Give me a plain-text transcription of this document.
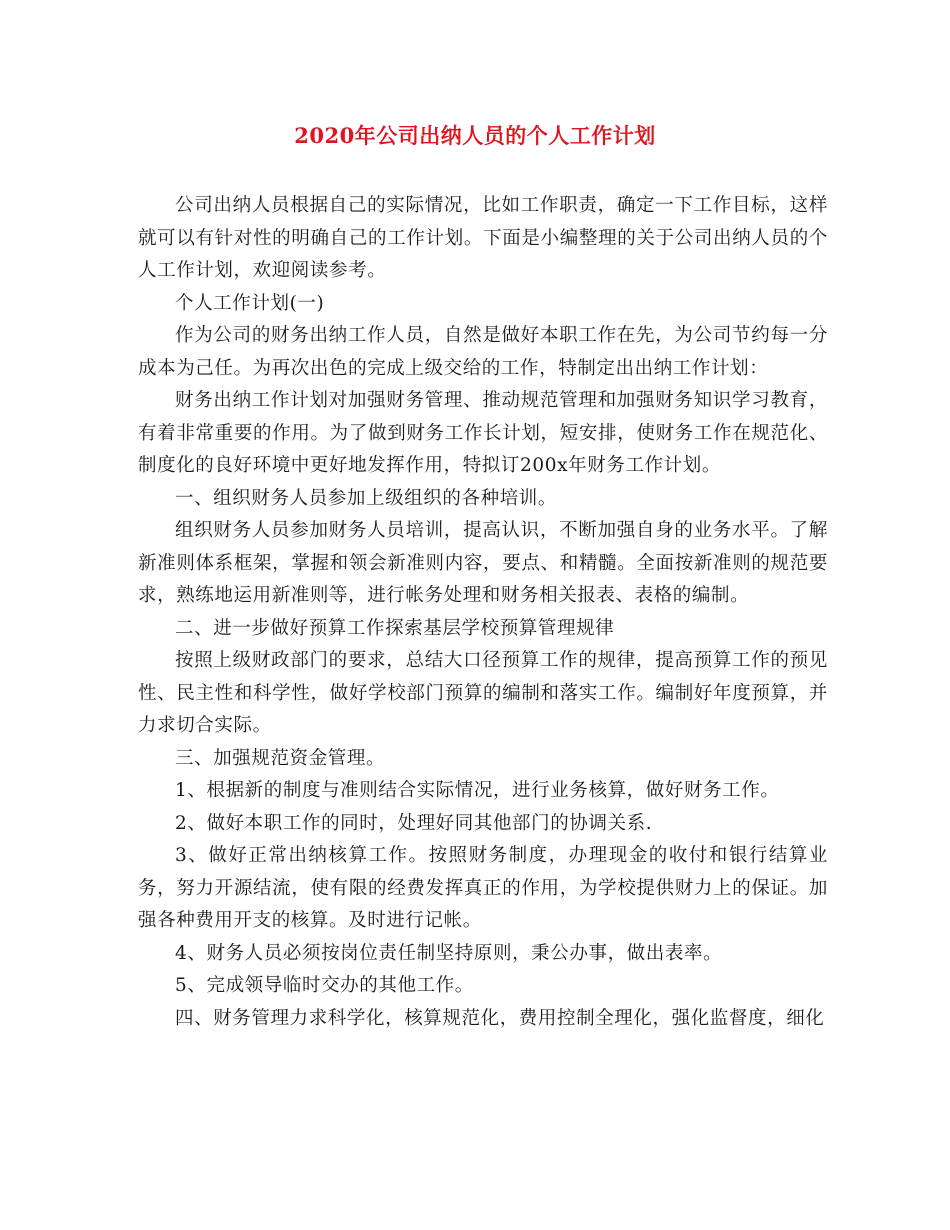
2020年公司出纳人员的个人工作计划

公司出纳人员根据自己的实际情况，比如工作职责，确定一下工作目标，这样就可以有针对性的明确自己的工作计划。下面是小编整理的关于公司出纳人员的个人工作计划，欢迎阅读参考。

个人工作计划(一)

作为公司的财务出纳工作人员，自然是做好本职工作在先，为公司节约每一分成本为己任。为再次出色的完成上级交给的工作，特制定出出纳工作计划：

财务出纳工作计划对加强财务管理、推动规范管理和加强财务知识学习教育，有着非常重要的作用。为了做到财务工作长计划，短安排，使财务工作在规范化、制度化的良好环境中更好地发挥作用，特拟订200x年财务工作计划。

一、组织财务人员参加上级组织的各种培训。

组织财务人员参加财务人员培训，提高认识，不断加强自身的业务水平。了解新准则体系框架，掌握和领会新准则内容，要点、和精髓。全面按新准则的规范要求，熟练地运用新准则等，进行帐务处理和财务相关报表、表格的编制。

二、进一步做好预算工作探索基层学校预算管理规律

按照上级财政部门的要求，总结大口径预算工作的规律，提高预算工作的预见性、民主性和科学性，做好学校部门预算的编制和落实工作。编制好年度预算，并力求切合实际。

三、加强规范资金管理。

1、根据新的制度与准则结合实际情况，进行业务核算，做好财务工作。

2、做好本职工作的同时，处理好同其他部门的协调关系.

3、做好正常出纳核算工作。按照财务制度，办理现金的收付和银行结算业务，努力开源结流，使有限的经费发挥真正的作用，为学校提供财力上的保证。加强各种费用开支的核算。及时进行记帐。

4、财务人员必须按岗位责任制坚持原则，秉公办事，做出表率。

5、完成领导临时交办的其他工作。

四、财务管理力求科学化，核算规范化，费用控制全理化，强化监督度，细化
